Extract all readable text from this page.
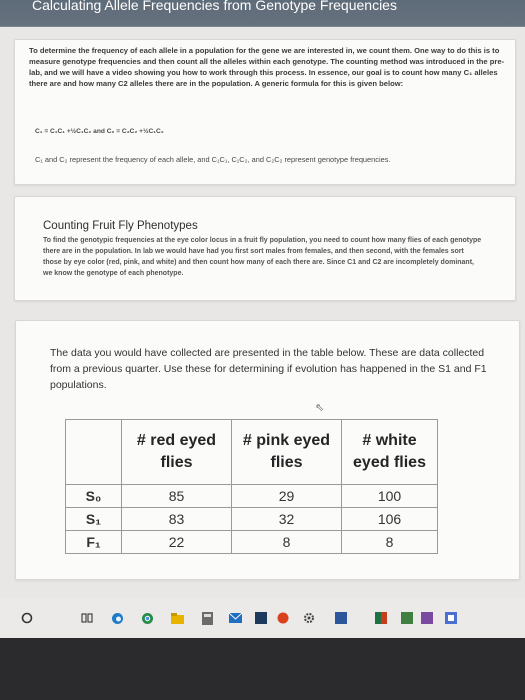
Calculating Allele Frequencies from Genotype Frequencies

To determine the frequency of each allele in a population for the gene we are interested in, we count them. One way to do this is to measure genotype frequencies and then count all the alleles within each genotype. The counting method was introduced in the pre-lab, and we will have a video showing you how to work through this process. In essence, our goal is to count how many C₁ alleles there are and how many C2 alleles there are in the population. A generic formula for this is given below:

C₁ = C₁C₁ +½C₁C₂ and C₂ = C₂C₂ +½C₁C₂
C₁ and C₂ represent the frequency of each allele, and C₁C₁, C₁C₂, and C₂C₂ represent genotype frequencies.
Counting Fruit Fly Phenotypes

To find the genotypic frequencies at the eye color locus in a fruit fly population, you need to count how many flies of each genotype there are in the population. In lab we would have had you first sort males from females, and then second, with the females sort those by eye color (red, pink, and white) and then count how many of each there are. Since C1 and C2 are incompletely dominant, we know the genotype of each phenotype.

The data you would have collected are presented in the table below. These are data collected from a previous quarter. Use these for determining if evolution has happened in the S1 and F1 populations.

⇖
	# red eyed flies	# pink eyed flies	# white eyed flies
S₀	85	29	100
S₁	83	32	106
F₁	22	8	8
